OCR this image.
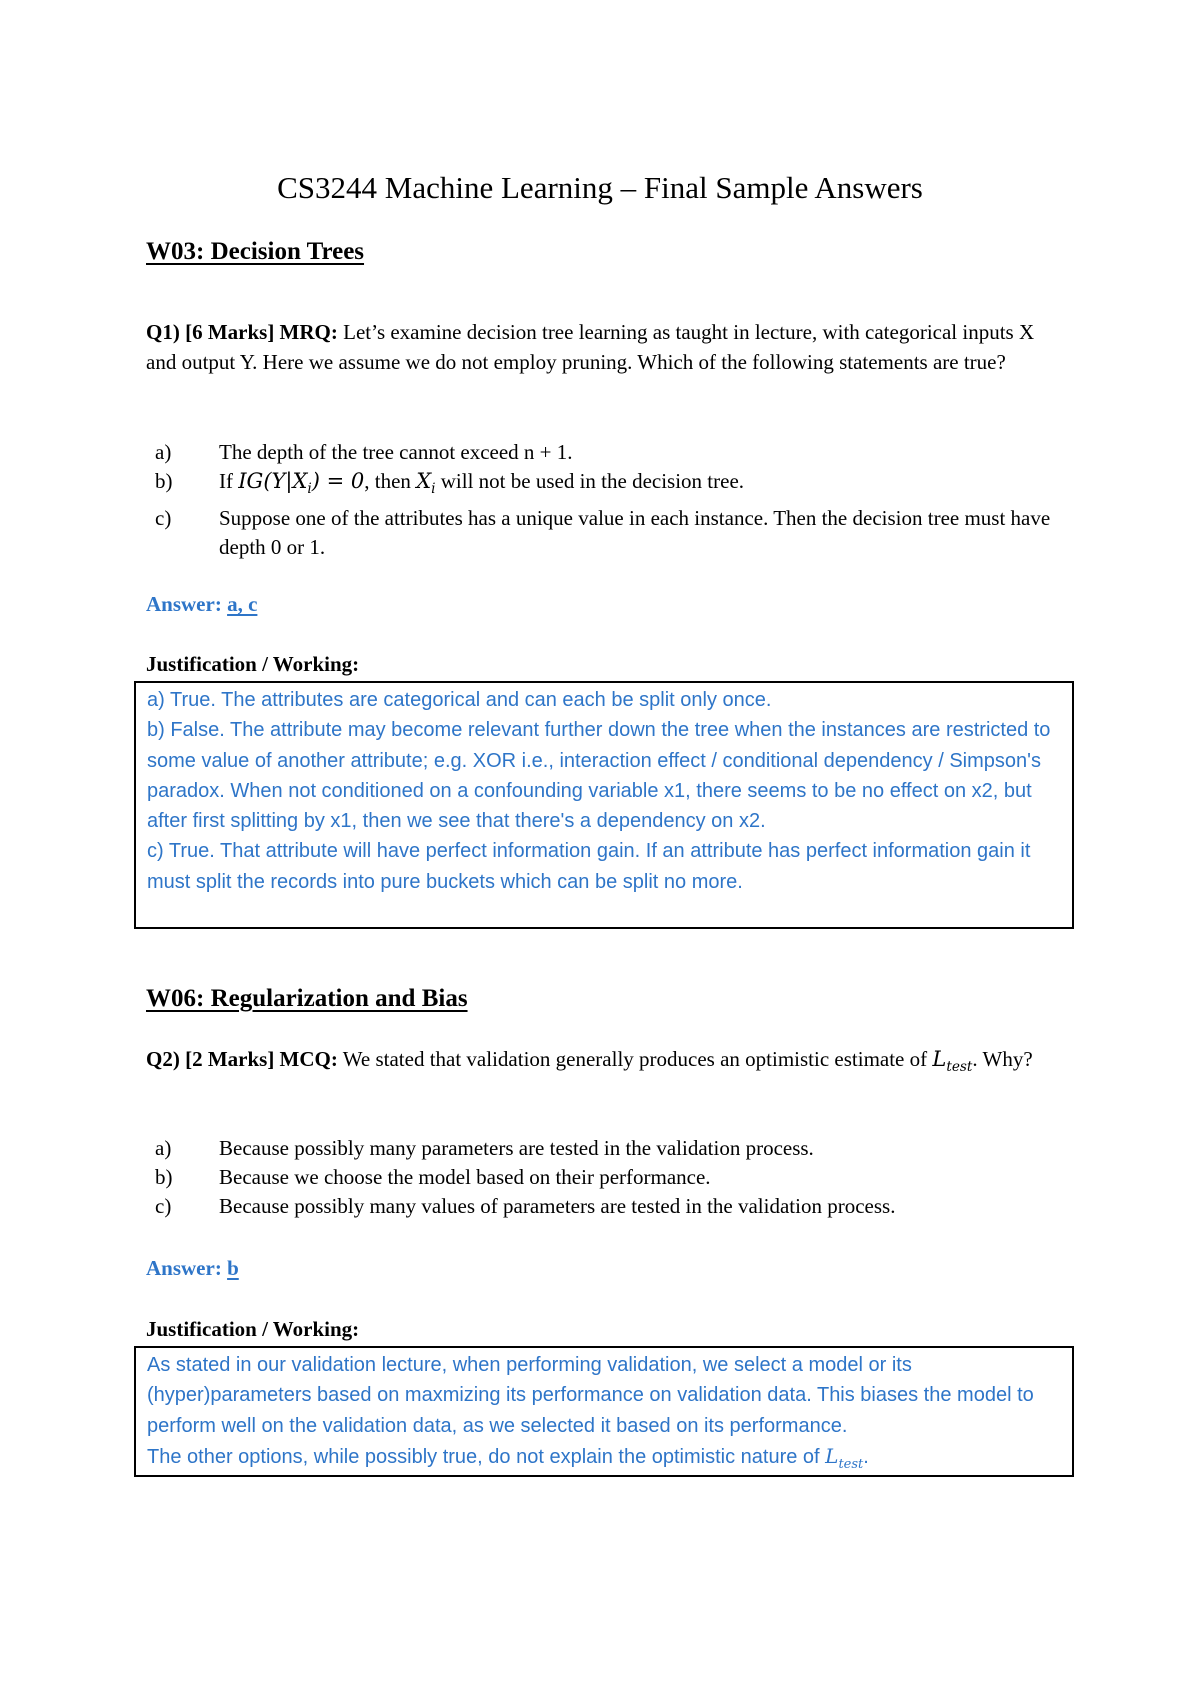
CS3244 Machine Learning – Final Sample Answers
W03: Decision Trees
Q1) [6 Marks] MRQ: Let’s examine decision tree learning as taught in lecture, with categorical inputs X and output Y. Here we assume we do not employ pruning. Which of the following statements are true?
a)	The depth of the tree cannot exceed n + 1.
b)	If $IG(Y|X_i) = 0$, then $X_i$ will not be used in the decision tree.
c)	Suppose one of the attributes has a unique value in each instance. Then the decision tree must have depth 0 or 1.
Answer: a, c
Justification / Working:

a) True. The attributes are categorical and can each be split only once.

b) False. The attribute may become relevant further down the tree when the instances are restricted to some value of another attribute; e.g. XOR i.e., interaction effect / conditional dependency / Simpson's paradox. When not conditioned on a confounding variable x1, there seems to be no effect on x2, but after first splitting by x1, then we see that there's a dependency on x2.

c) True. That attribute will have perfect information gain. If an attribute has perfect information gain it must split the records into pure buckets which can be split no more.

W06: Regularization and Bias
Q2) [2 Marks] MCQ: We stated that validation generally produces an optimistic estimate of $L_{test}$. Why?
a)	Because possibly many parameters are tested in the validation process.
b)	Because we choose the model based on their performance.
c)	Because possibly many values of parameters are tested in the validation process.
Answer: b
Justification / Working:

As stated in our validation lecture, when performing validation, we select a model or its (hyper)parameters based on maxmizing its performance on validation data. This biases the model to perform well on the validation data, as we selected it based on its performance.

The other options, while possibly true, do not explain the optimistic nature of $L_{test}$.
